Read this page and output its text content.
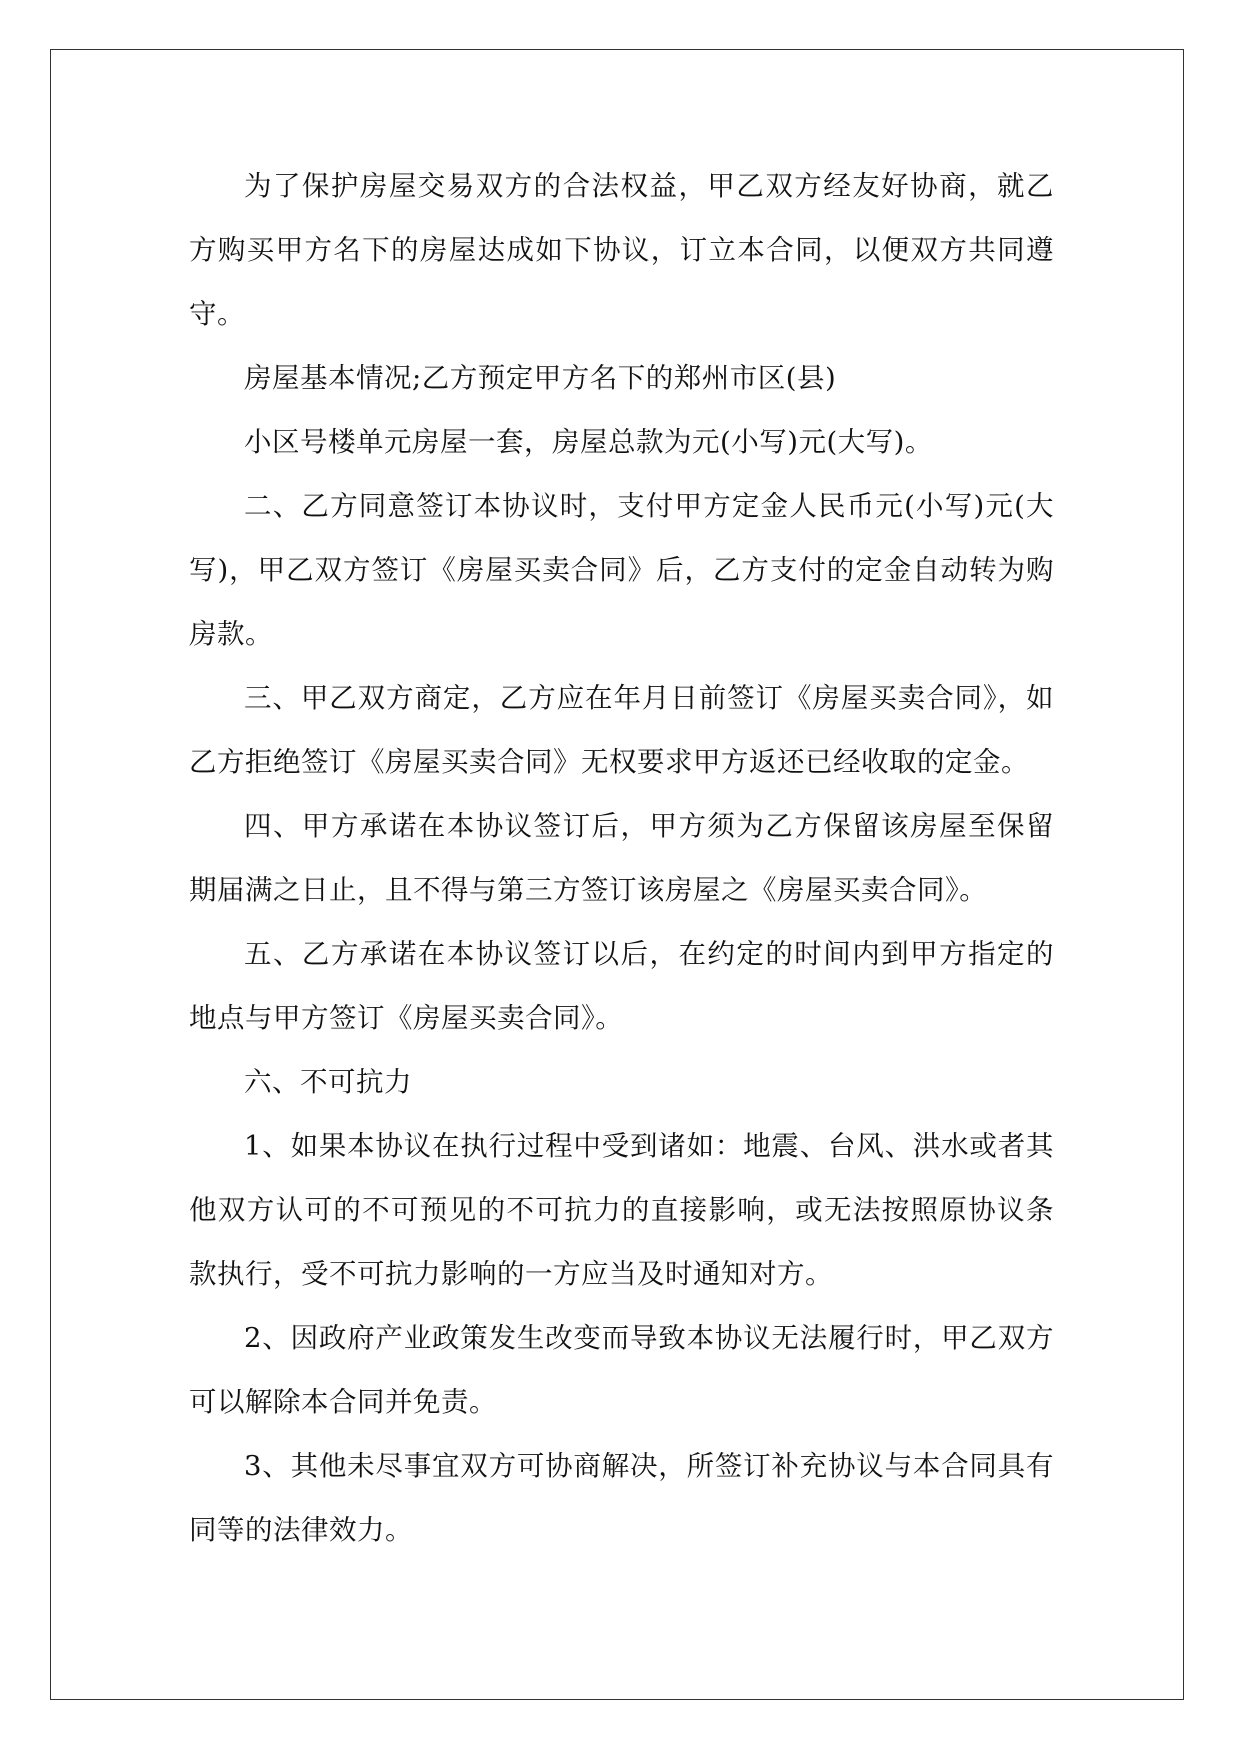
为了保护房屋交易双方的合法权益，甲乙双方经友好协商，就乙方购买甲方名下的房屋达成如下协议，订立本合同，以便双方共同遵守。

房屋基本情况;乙方预定甲方名下的郑州市区(县)

小区号楼单元房屋一套，房屋总款为元(小写)元(大写)。

二、乙方同意签订本协议时，支付甲方定金人民币元(小写)元(大写)，甲乙双方签订《房屋买卖合同》后，乙方支付的定金自动转为购房款。

三、甲乙双方商定，乙方应在年月日前签订《房屋买卖合同》，如乙方拒绝签订《房屋买卖合同》无权要求甲方返还已经收取的定金。

四、甲方承诺在本协议签订后，甲方须为乙方保留该房屋至保留期届满之日止，且不得与第三方签订该房屋之《房屋买卖合同》。

五、乙方承诺在本协议签订以后，在约定的时间内到甲方指定的地点与甲方签订《房屋买卖合同》。

六、不可抗力

1、如果本协议在执行过程中受到诸如：地震、台风、洪水或者其他双方认可的不可预见的不可抗力的直接影响，或无法按照原协议条款执行，受不可抗力影响的一方应当及时通知对方。

2、因政府产业政策发生改变而导致本协议无法履行时，甲乙双方可以解除本合同并免责。

3、其他未尽事宜双方可协商解决，所签订补充协议与本合同具有同等的法律效力。
